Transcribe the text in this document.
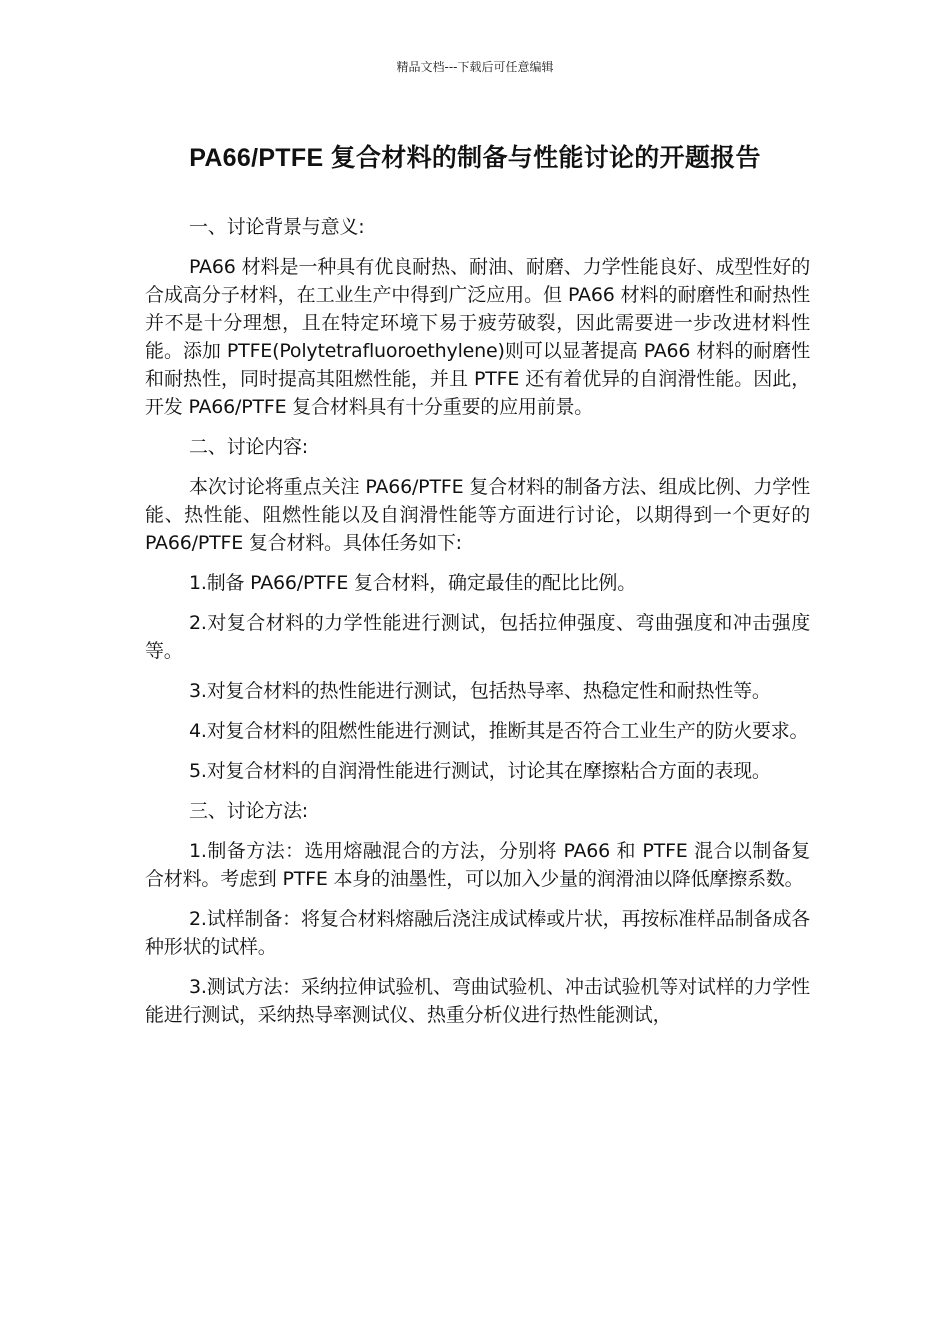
精品文档---下载后可任意编辑
PA66/PTFE 复合材料的制备与性能讨论的开题报告

一、讨论背景与意义:

PA66 材料是一种具有优良耐热、耐油、耐磨、力学性能良好、成型性好的合成高分子材料，在工业生产中得到广泛应用。但 PA66 材料的耐磨性和耐热性并不是十分理想，且在特定环境下易于疲劳破裂，因此需要进一步改进材料性能。添加 PTFE(Polytetrafluoroethylene)则可以显著提高 PA66 材料的耐磨性和耐热性，同时提高其阻燃性能，并且 PTFE 还有着优异的自润滑性能。因此，开发 PA66/PTFE 复合材料具有十分重要的应用前景。

二、讨论内容:

本次讨论将重点关注 PA66/PTFE 复合材料的制备方法、组成比例、力学性能、热性能、阻燃性能以及自润滑性能等方面进行讨论，以期得到一个更好的 PA66/PTFE 复合材料。具体任务如下:

1.制备 PA66/PTFE 复合材料，确定最佳的配比比例。

2.对复合材料的力学性能进行测试，包括拉伸强度、弯曲强度和冲击强度等。

3.对复合材料的热性能进行测试，包括热导率、热稳定性和耐热性等。

4.对复合材料的阻燃性能进行测试，推断其是否符合工业生产的防火要求。

5.对复合材料的自润滑性能进行测试，讨论其在摩擦粘合方面的表现。

三、讨论方法:

1.制备方法：选用熔融混合的方法，分别将 PA66 和 PTFE 混合以制备复合材料。考虑到 PTFE 本身的油墨性，可以加入少量的润滑油以降低摩擦系数。

2.试样制备：将复合材料熔融后浇注成试棒或片状，再按标准样品制备成各种形状的试样。

3.测试方法：采纳拉伸试验机、弯曲试验机、冲击试验机等对试样的力学性能进行测试，采纳热导率测试仪、热重分析仪进行热性能测试，
